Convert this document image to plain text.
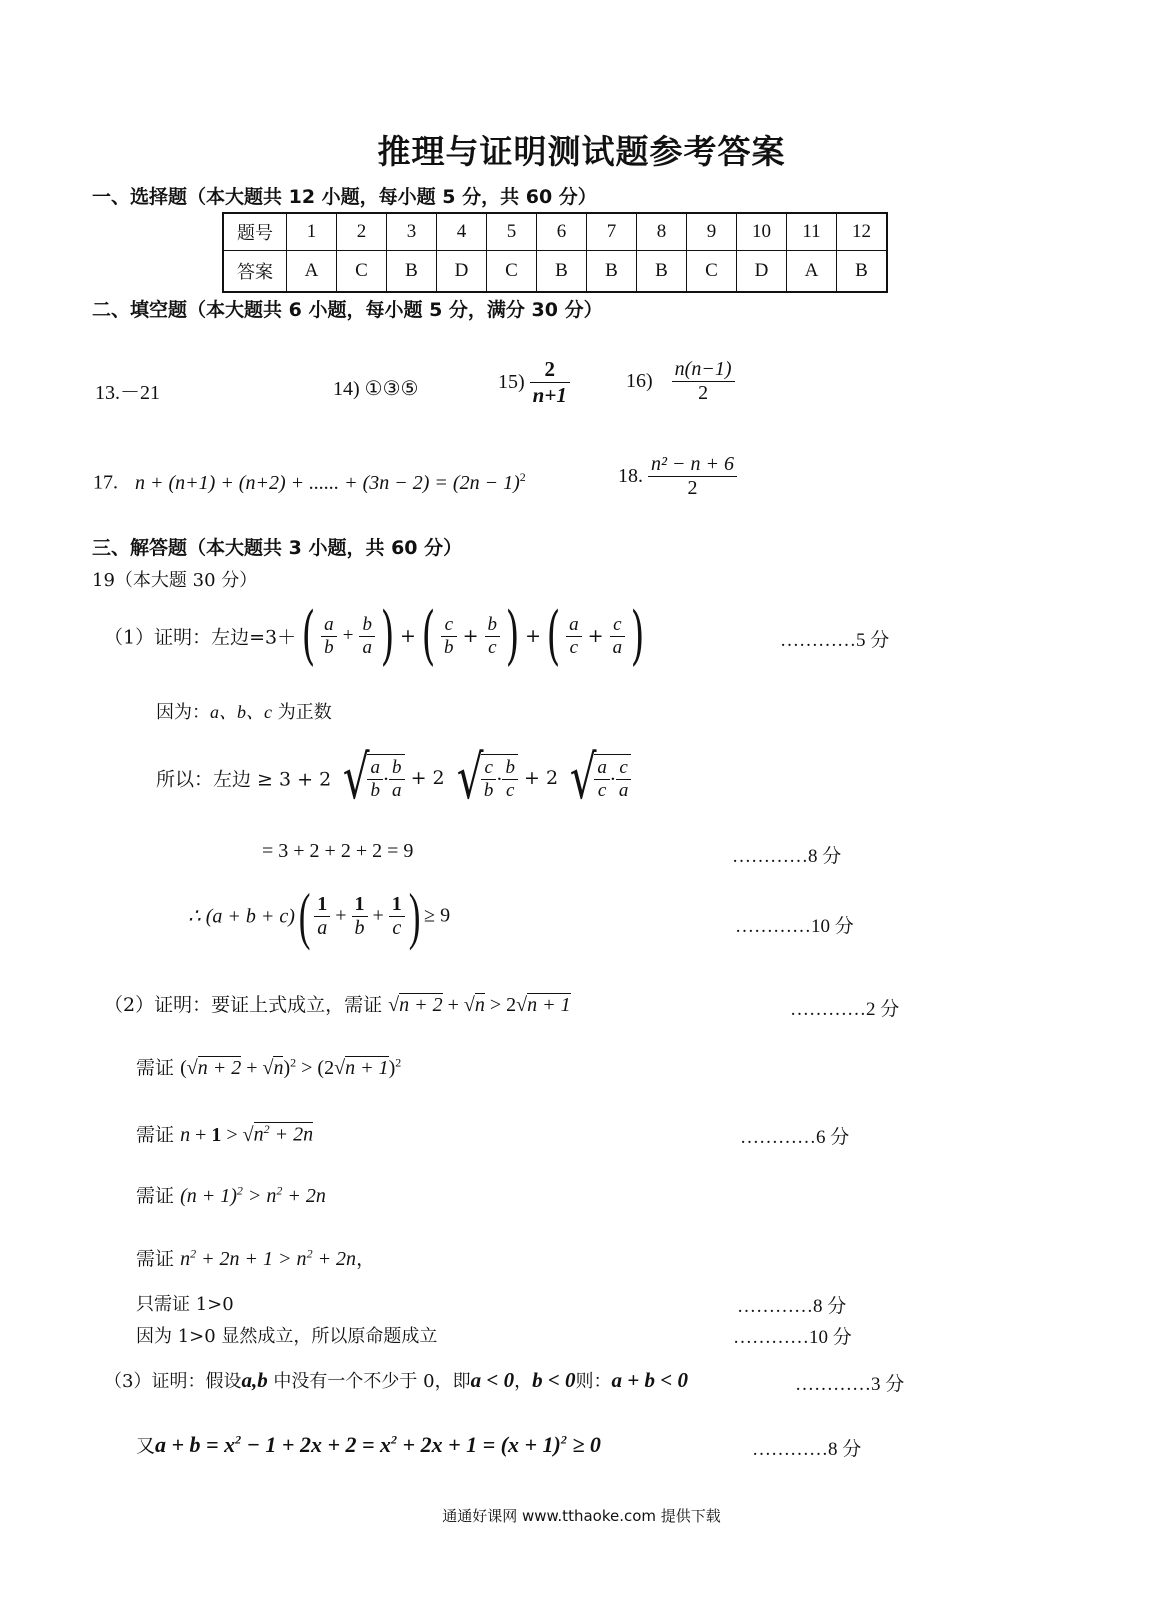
推理与证明测试题参考答案
一、选择题（本大题共 12 小题，每小题 5 分，共 60 分）
题号	1	2	3	4	5	6	7	8	9	10	11	12
答案	A	C	B	D	C	B	B	B	C	D	A	B
二、填空题（本大题共 6 小题，每小题 5 分，满分 30 分）
13.－21	14) ①③⑤	$15) \frac{2}{n+1}$	$16) \frac{n(n-1)}{2}$
17. n + (n+1) + (n+2) + ...... + $(3n - 2) = (2n - 1)^2$	18. $\frac{\text{n² − n + 6}}{2}$
三、解答题（本大题共 3 小题，共 60 分）
19（本大题 30 分）
（1）证明：左边=3＋ ( $\frac{a}{b} + \frac{b}{a}$ ) + ( $\frac{c}{b} + \frac{b}{c}$ ) + ( $\frac{a}{c} + \frac{c}{a}$ )	…………5 分
因为：a、b、c 为正数
所以：左边 ≥ 3 + 2 √
$\frac{a}{b} \cdot \frac{b}{a} + 2$ √
$\frac{c}{b} \cdot \frac{b}{c} + 2$ √
$\frac{a}{c} \cdot \frac{c}{a}$
= 3 + 2 + 2 + 2 = 9	…………8 分
∴ (a + b + c) ( $\frac{1}{a} + \frac{1}{b} + \frac{1}{c}$ ) ≥ 9	…………10 分
（2）证明：要证上式成立，需证 √n + 2 + √n > 2√n + 1	…………2 分
需证 $(√n + 2 + √n)^2 > (2√n + 1)^2$
需证 $n + 1 > √n^2 + 2n$	…………6 分
需证 $(n + 1)^2 > n^2 + 2n$
需证 $n^2 + 2n + 1 > n^2 + 2n$，
只需证 1>0	…………8 分
因为 1>0 显然成立，所以原命题成立	…………10 分
（3）证明：假设a,b 中没有一个不少于 0，即a < 0，b < 0则：a + b < 0	…………3 分
又$a + b = x^2 - 1 + 2x + 2 = x^2 + 2x + 1 = (x + 1)^2 \ge 0$	…………8 分
通通好课网 www.tthaoke.com 提供下载
